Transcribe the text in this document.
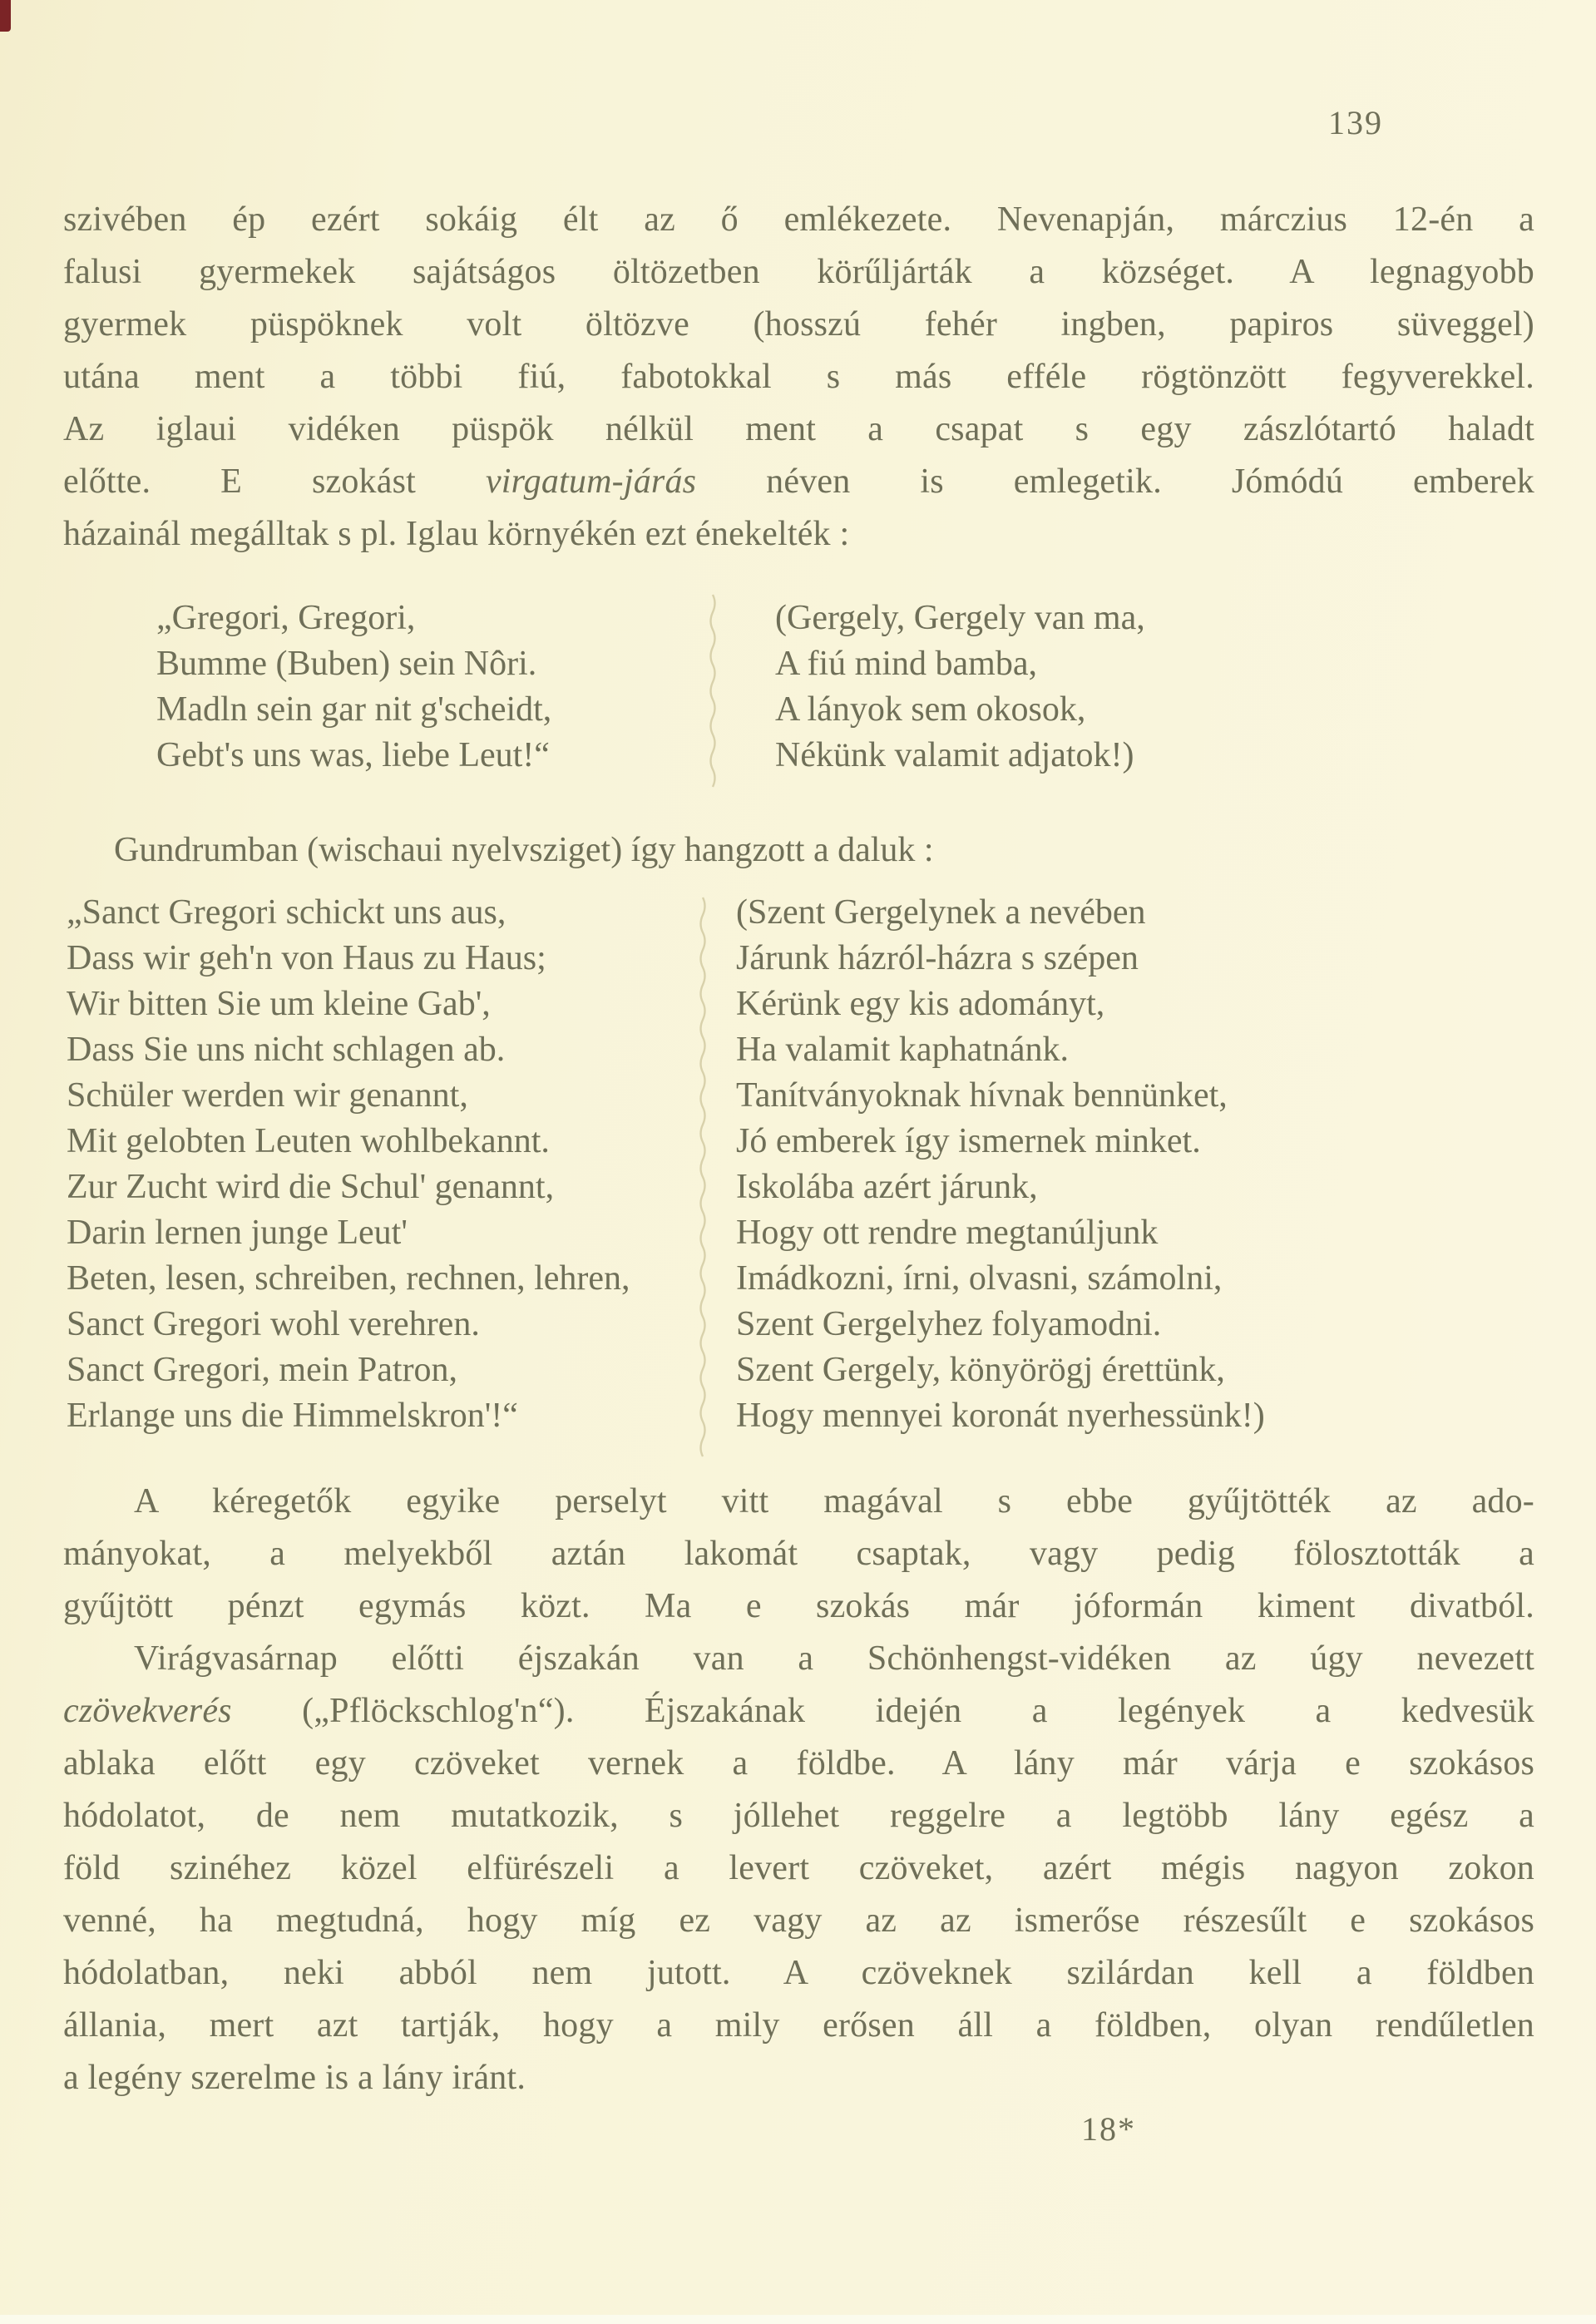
139
szivében ép ezért sokáig élt az ő emlékezete. Nevenapján, márczius 12-én a
falusi gyermekek sajátságos öltözetben körűljárták a községet. A legnagyobb
gyermek püspöknek volt öltözve (hosszú fehér ingben, papiros süveggel)
utána ment a többi fiú, fabotokkal s más efféle rögtönzött fegyverekkel.
Az iglaui vidéken püspök nélkül ment a csapat s egy zászlótartó haladt
előtte. E szokást virgatum-járás néven is emlegetik. Jómódú emberek
házainál megálltak s pl. Iglau környékén ezt énekelték :
„Gregori, Gregori,
Bumme (Buben) sein Nôri.
Madln sein gar nit g'scheidt,
Gebt's uns was, liebe Leut!“
(Gergely, Gergely van ma,
A fiú mind bamba,
A lányok sem okosok,
Nékünk valamit adjatok!)
Gundrumban (wischaui nyelvsziget) így hangzott a daluk :
„Sanct Gregori schickt uns aus,
Dass wir geh'n von Haus zu Haus;
Wir bitten Sie um kleine Gab',
Dass Sie uns nicht schlagen ab.
Schüler werden wir genannt,
Mit gelobten Leuten wohlbekannt.
Zur Zucht wird die Schul' genannt,
Darin lernen junge Leut'
Beten, lesen, schreiben, rechnen, lehren,
Sanct Gregori wohl verehren.
Sanct Gregori, mein Patron,
Erlange uns die Himmelskron'!“
(Szent Gergelynek a nevében
Járunk házról-házra s szépen
Kérünk egy kis adományt,
Ha valamit kaphatnánk.
Tanítványoknak hívnak bennünket,
Jó emberek így ismernek minket.
Iskolába azért járunk,
Hogy ott rendre megtanúljunk
Imádkozni, írni, olvasni, számolni,
Szent Gergelyhez folyamodni.
Szent Gergely, könyörögj érettünk,
Hogy mennyei koronát nyerhessünk!)
A kéregetők egyike perselyt vitt magával s ebbe gyűjtötték az ado-
mányokat, a melyekből aztán lakomát csaptak, vagy pedig fölosztották a
gyűjtött pénzt egymás közt. Ma e szokás már jóformán kiment divatból.
Virágvasárnap előtti éjszakán van a Schönhengst-vidéken az úgy nevezett
czövekverés („Pflöckschlog'n“). Éjszakának idején a legények a kedvesük
ablaka előtt egy czöveket vernek a földbe. A lány már várja e szokásos
hódolatot, de nem mutatkozik, s jóllehet reggelre a legtöbb lány egész a
föld szinéhez közel elfürészeli a levert czöveket, azért mégis nagyon zokon
venné, ha megtudná, hogy míg ez vagy az az ismerőse részesűlt e szokásos
hódolatban, neki abból nem jutott. A czöveknek szilárdan kell a földben
állania, mert azt tartják, hogy a mily erősen áll a földben, olyan rendűletlen
a legény szerelme is a lány iránt.
18*
